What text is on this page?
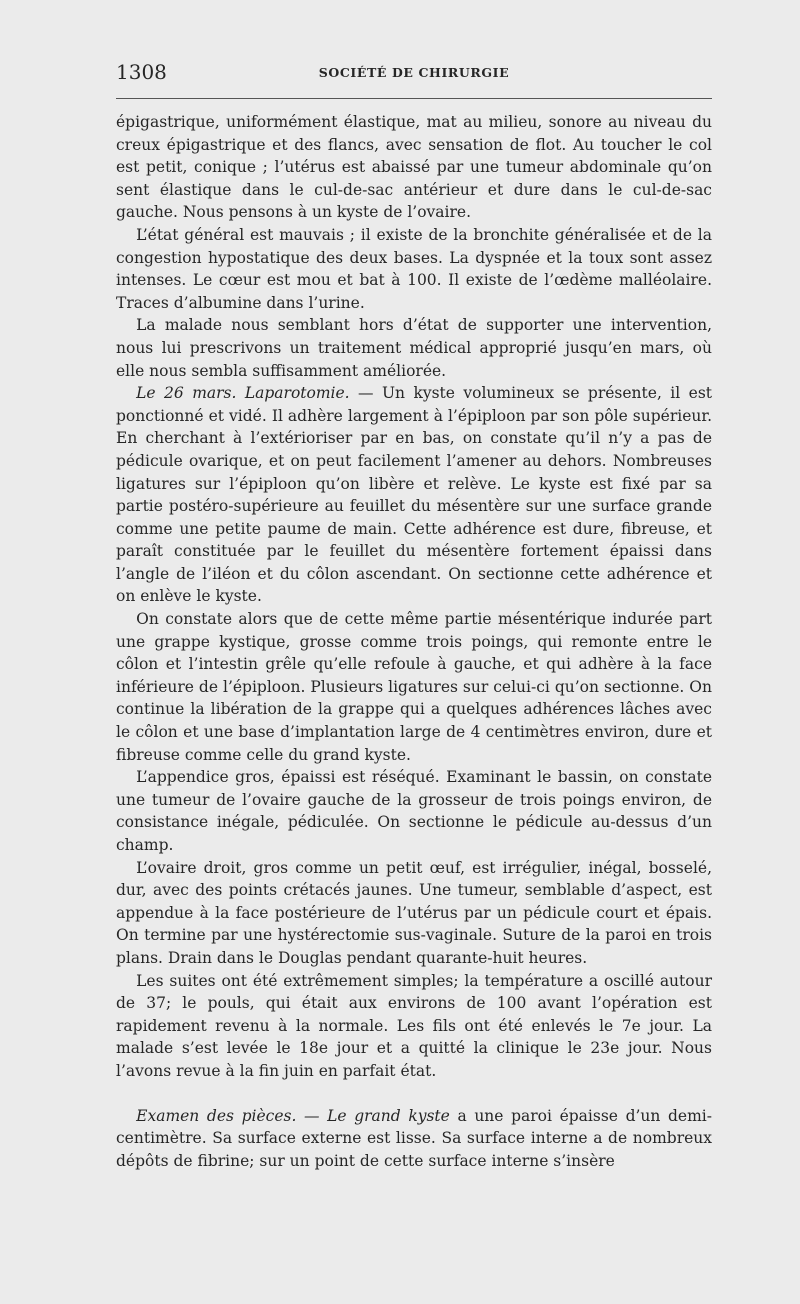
1308	SOCIÉTÉ DE CHIRURGIE

épigastrique, uniformément élastique, mat au milieu, sonore au niveau du creux épigastrique et des flancs, avec sensation de flot. Au toucher le col est petit, conique ; l’utérus est abaissé par une tumeur abdominale qu’on sent élastique dans le cul-de-sac antérieur et dure dans le cul-de-sac gauche. Nous pensons à un kyste de l’ovaire.

L’état général est mauvais ; il existe de la bronchite généralisée et de la congestion hypostatique des deux bases. La dyspnée et la toux sont assez intenses. Le cœur est mou et bat à 100. Il existe de l’œdème malléolaire. Traces d’albumine dans l’urine.

La malade nous semblant hors d’état de supporter une intervention, nous lui prescrivons un traitement médical approprié jusqu’en mars, où elle nous sembla suffisamment améliorée.

Le 26 mars. Laparotomie. — Un kyste volumineux se présente, il est ponctionné et vidé. Il adhère largement à l’épiploon par son pôle supérieur. En cherchant à l’extérioriser par en bas, on constate qu’il n’y a pas de pédicule ovarique, et on peut facilement l’amener au dehors. Nombreuses ligatures sur l’épiploon qu’on libère et relève. Le kyste est fixé par sa partie postéro-supérieure au feuillet du mésentère sur une surface grande comme une petite paume de main. Cette adhérence est dure, fibreuse, et paraît constituée par le feuillet du mésentère fortement épaissi dans l’angle de l’iléon et du côlon ascendant. On sectionne cette adhérence et on enlève le kyste.

On constate alors que de cette même partie mésentérique indurée part une grappe kystique, grosse comme trois poings, qui remonte entre le côlon et l’intestin grêle qu’elle refoule à gauche, et qui adhère à la face inférieure de l’épiploon. Plusieurs ligatures sur celui-ci qu’on sectionne. On continue la libération de la grappe qui a quelques adhérences lâches avec le côlon et une base d’implantation large de 4 centimètres environ, dure et fibreuse comme celle du grand kyste.

L’appendice gros, épaissi est réséqué. Examinant le bassin, on constate une tumeur de l’ovaire gauche de la grosseur de trois poings environ, de consistance inégale, pédiculée. On sectionne le pédicule au-dessus d’un champ.

L’ovaire droit, gros comme un petit œuf, est irrégulier, inégal, bosselé, dur, avec des points crétacés jaunes. Une tumeur, semblable d’aspect, est appendue à la face postérieure de l’utérus par un pédicule court et épais. On termine par une hystérectomie sus-vaginale. Suture de la paroi en trois plans. Drain dans le Douglas pendant quarante-huit heures.

Les suites ont été extrêmement simples; la température a oscillé autour de 37; le pouls, qui était aux environs de 100 avant l’opération est rapidement revenu à la normale. Les fils ont été enlevés le 7e jour. La malade s’est levée le 18e jour et a quitté la clinique le 23e jour. Nous l’avons revue à la fin juin en parfait état.

Examen des pièces. — Le grand kyste a une paroi épaisse d’un demi-centimètre. Sa surface externe est lisse. Sa surface interne a de nombreux dépôts de fibrine; sur un point de cette surface interne s’insère
